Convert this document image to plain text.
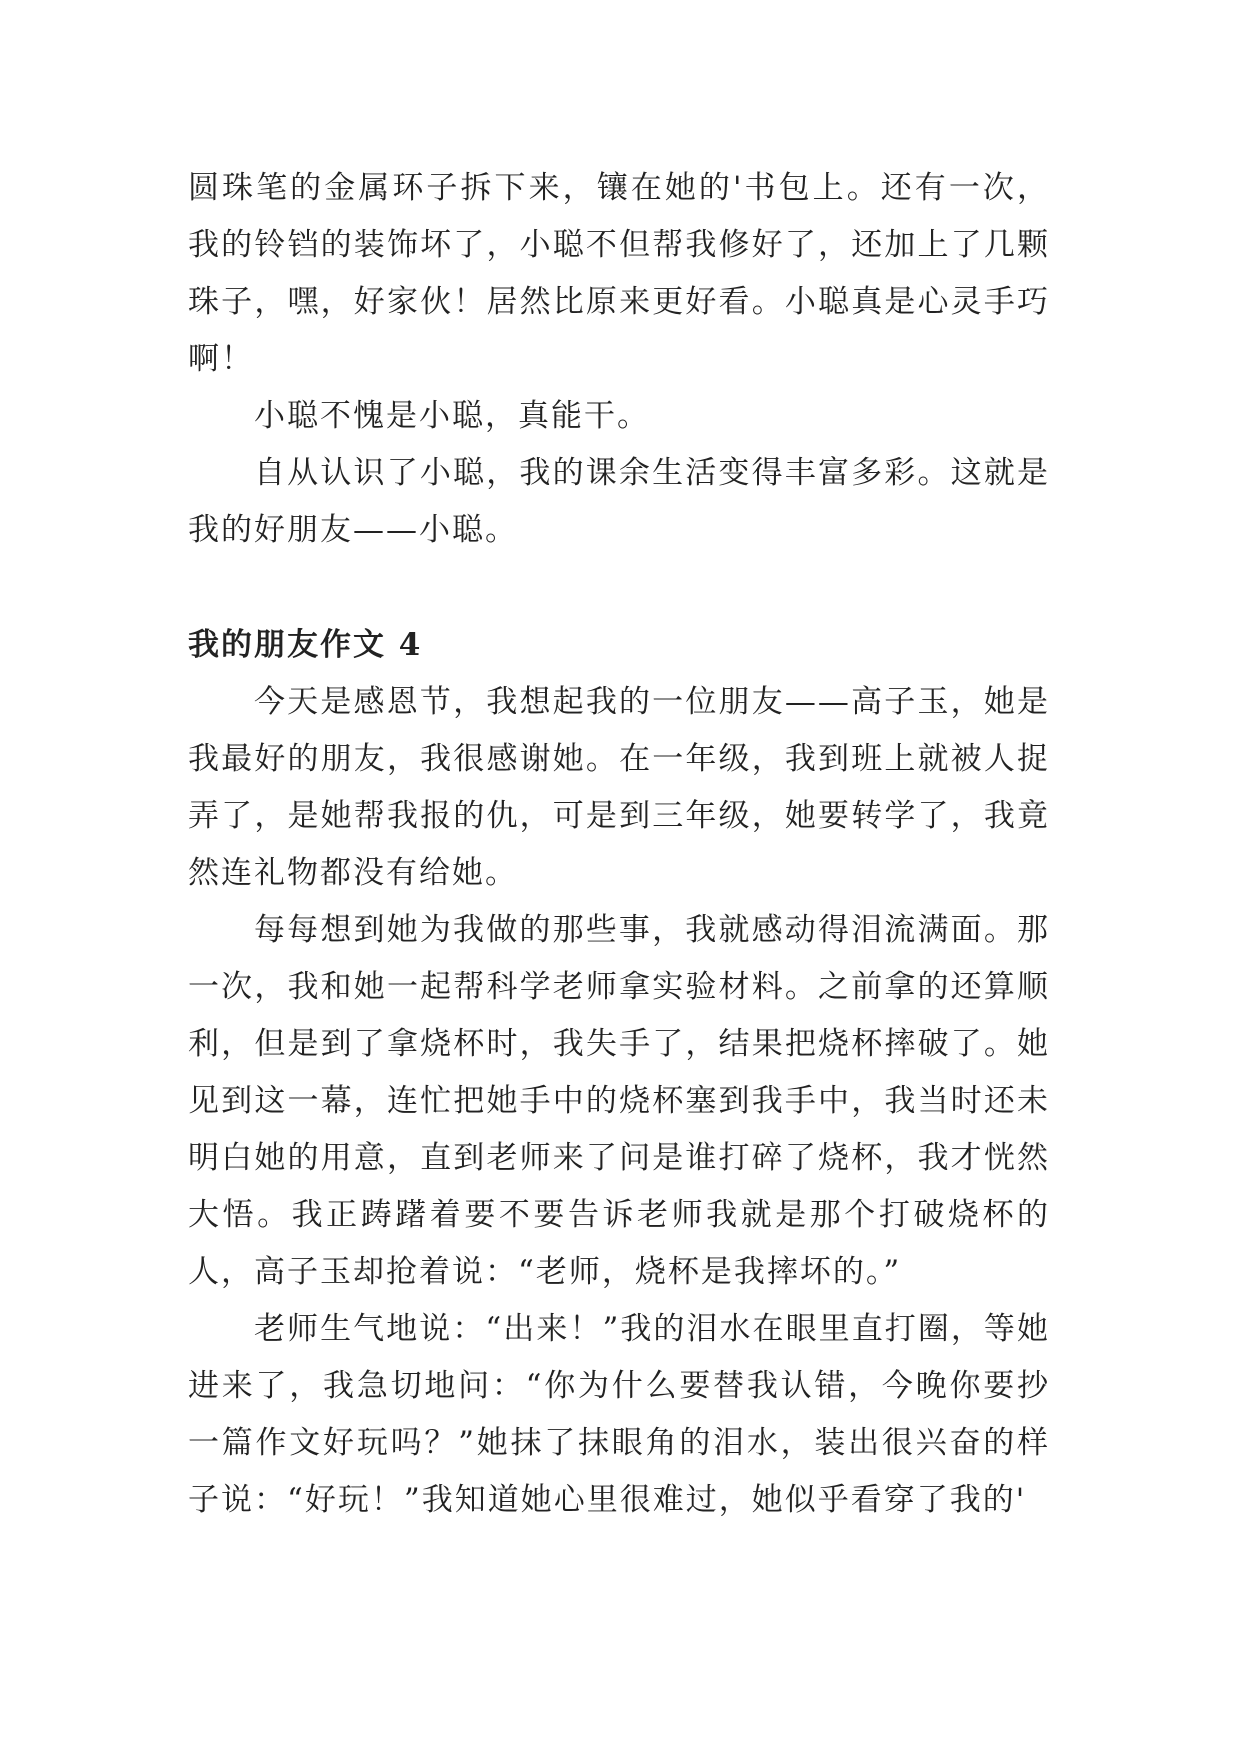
圆珠笔的金属环子拆下来，镶在她的'书包上。还有一次，我的铃铛的装饰坏了，小聪不但帮我修好了，还加上了几颗珠子，嘿，好家伙！居然比原来更好看。小聪真是心灵手巧啊！

小聪不愧是小聪，真能干。

自从认识了小聪，我的课余生活变得丰富多彩。这就是我的好朋友——小聪。

我的朋友作文 4

今天是感恩节，我想起我的一位朋友——高子玉，她是我最好的朋友，我很感谢她。在一年级，我到班上就被人捉弄了，是她帮我报的仇，可是到三年级，她要转学了，我竟然连礼物都没有给她。

每每想到她为我做的那些事，我就感动得泪流满面。那一次，我和她一起帮科学老师拿实验材料。之前拿的还算顺利，但是到了拿烧杯时，我失手了，结果把烧杯摔破了。她见到这一幕，连忙把她手中的烧杯塞到我手中，我当时还未明白她的用意，直到老师来了问是谁打碎了烧杯，我才恍然大悟。我正踌躇着要不要告诉老师我就是那个打破烧杯的人，高子玉却抢着说：“老师，烧杯是我摔坏的。”

老师生气地说：“出来！”我的泪水在眼里直打圈，等她进来了，我急切地问：“你为什么要替我认错，今晚你要抄一篇作文好玩吗？”她抹了抹眼角的泪水，装出很兴奋的样子说：“好玩！”我知道她心里很难过，她似乎看穿了我的'
